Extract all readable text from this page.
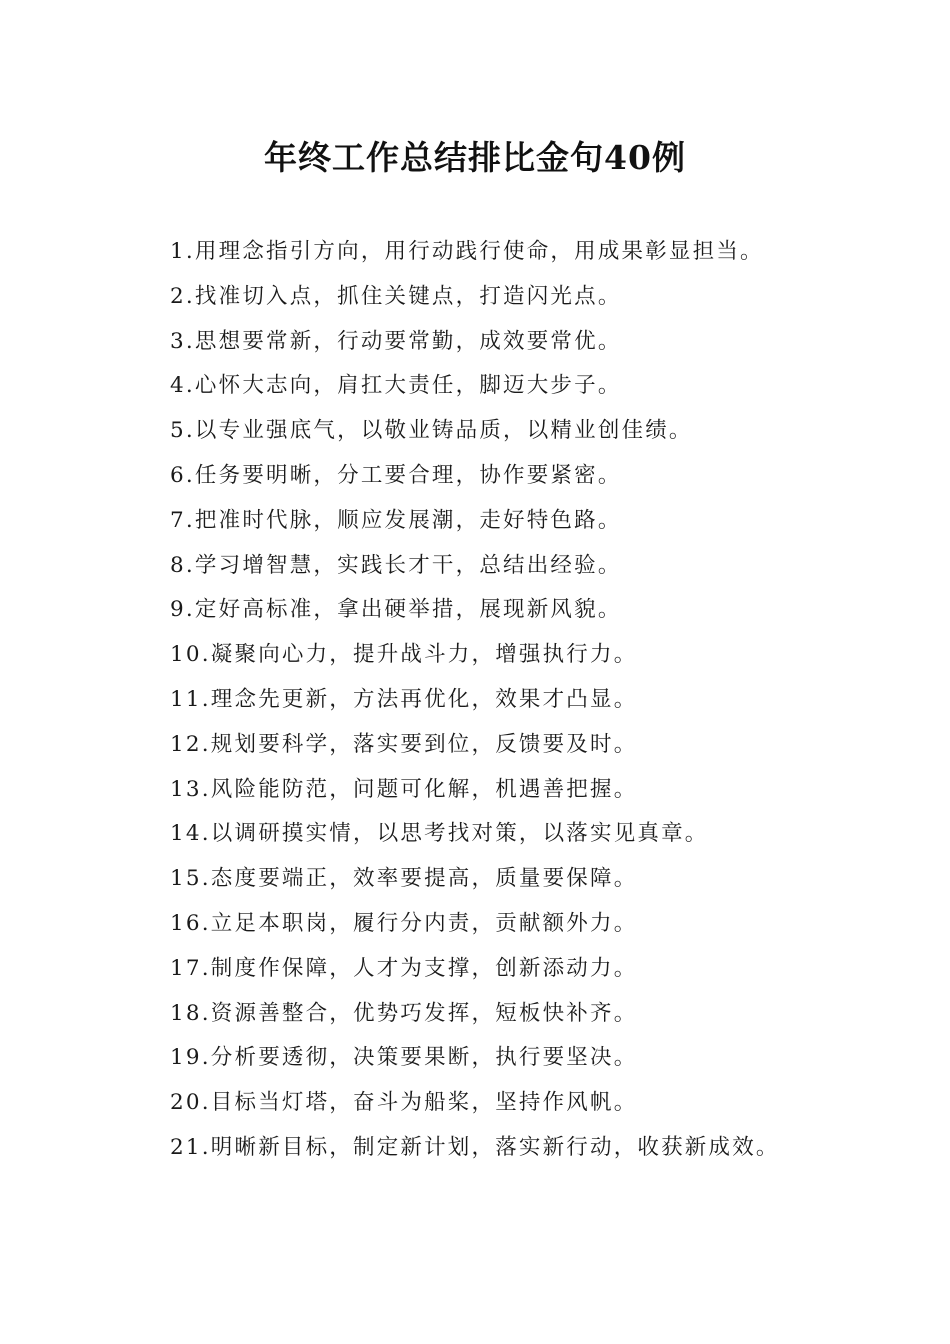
年终工作总结排比金句40例
1.用理念指引方向，用行动践行使命，用成果彰显担当。
2.找准切入点，抓住关键点，打造闪光点。
3.思想要常新，行动要常勤，成效要常优。
4.心怀大志向，肩扛大责任，脚迈大步子。
5.以专业强底气，以敬业铸品质，以精业创佳绩。
6.任务要明晰，分工要合理，协作要紧密。
7.把准时代脉，顺应发展潮，走好特色路。
8.学习增智慧，实践长才干，总结出经验。
9.定好高标准，拿出硬举措，展现新风貌。
10.凝聚向心力，提升战斗力，增强执行力。
11.理念先更新，方法再优化，效果才凸显。
12.规划要科学，落实要到位，反馈要及时。
13.风险能防范，问题可化解，机遇善把握。
14.以调研摸实情，以思考找对策，以落实见真章。
15.态度要端正，效率要提高，质量要保障。
16.立足本职岗，履行分内责，贡献额外力。
17.制度作保障，人才为支撑，创新添动力。
18.资源善整合，优势巧发挥，短板快补齐。
19.分析要透彻，决策要果断，执行要坚决。
20.目标当灯塔，奋斗为船桨，坚持作风帆。
21.明晰新目标，制定新计划，落实新行动，收获新成效。
